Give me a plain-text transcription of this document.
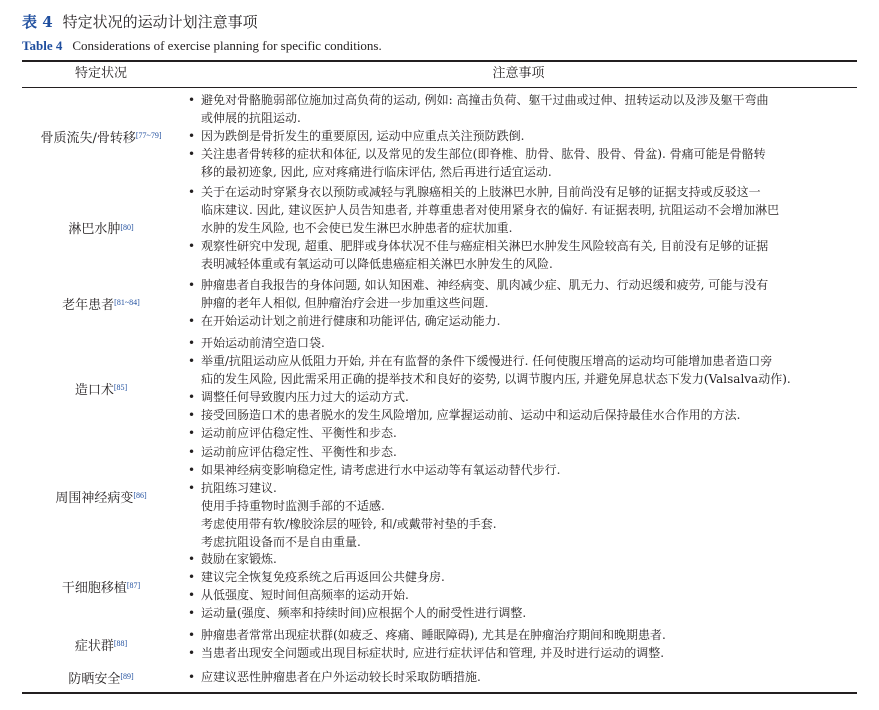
表 4 特定状况的运动计划注意事项
Table 4 Considerations of exercise planning for specific conditions.
特定状况	注意事项
骨质流失/骨转移 [77~79]
• 避免对骨骼脆弱部位施加过高负荷的运动, 例如: 高撞击负荷、躯干过曲或过伸、扭转运动以及涉及躯干弯曲
或伸展的抗阻运动.
• 因为跌倒是骨折发生的重要原因, 运动中应重点关注预防跌倒.
• 关注患者骨转移的症状和体征, 以及常见的发生部位(即脊椎、肋骨、肱骨、股骨、骨盆). 骨痛可能是骨骼转
移的最初迹象, 因此, 应对疼痛进行临床评估, 然后再进行适宜运动.
淋巴水肿 [80]
• 关于在运动时穿紧身衣以预防或减轻与乳腺癌相关的上肢淋巴水肿, 目前尚没有足够的证据支持或反驳这一
临床建议. 因此, 建议医护人员告知患者, 并尊重患者对使用紧身衣的偏好. 有证据表明, 抗阻运动不会增加淋巴
水肿的发生风险, 也不会使已发生淋巴水肿患者的症状加重.
• 观察性研究中发现, 超重、肥胖或身体状况不佳与癌症相关淋巴水肿发生风险较高有关, 目前没有足够的证据
表明减轻体重或有氧运动可以降低患癌症相关淋巴水肿发生的风险.
老年患者 [81~84]
• 肿瘤患者自我报告的身体问题, 如认知困难、神经病变、肌肉减少症、肌无力、行动迟缓和疲劳, 可能与没有
肿瘤的老年人相似, 但肿瘤治疗会进一步加重这些问题.
• 在开始运动计划之前进行健康和功能评估, 确定运动能力.
造口术 [85]
• 开始运动前清空造口袋.
• 举重/抗阻运动应从低阻力开始, 并在有监督的条件下缓慢进行. 任何使腹压增高的运动均可能增加患者造口旁
疝的发生风险, 因此需采用正确的提举技术和良好的姿势, 以调节腹内压, 并避免屏息状态下发力(Valsalva动作).
• 调整任何导致腹内压力过大的运动方式.
• 接受回肠造口术的患者脱水的发生风险增加, 应掌握运动前、运动中和运动后保持最佳水合作用的方法.
• 运动前应评估稳定性、平衡性和步态.
周围神经病变 [86]
• 运动前应评估稳定性、平衡性和步态.
• 如果神经病变影响稳定性, 请考虑进行水中运动等有氧运动替代步行.
• 抗阻练习建议.
使用手持重物时监测手部的不适感.
考虑使用带有软/橡胶涂层的哑铃, 和/或戴带衬垫的手套.
考虑抗阻设备而不是自由重量.
干细胞移植 [87]
• 鼓励在家锻炼.
• 建议完全恢复免疫系统之后再返回公共健身房.
• 从低强度、短时间但高频率的运动开始.
• 运动量(强度、频率和持续时间)应根据个人的耐受性进行调整.
症状群 [88]
• 肿瘤患者常常出现症状群(如疲乏、疼痛、睡眠障碍), 尤其是在肿瘤治疗期间和晚期患者.
• 当患者出现安全问题或出现目标症状时, 应进行症状评估和管理, 并及时进行运动的调整.
防晒安全 [89]	• 应建议恶性肿瘤患者在户外运动较长时采取防晒措施.
